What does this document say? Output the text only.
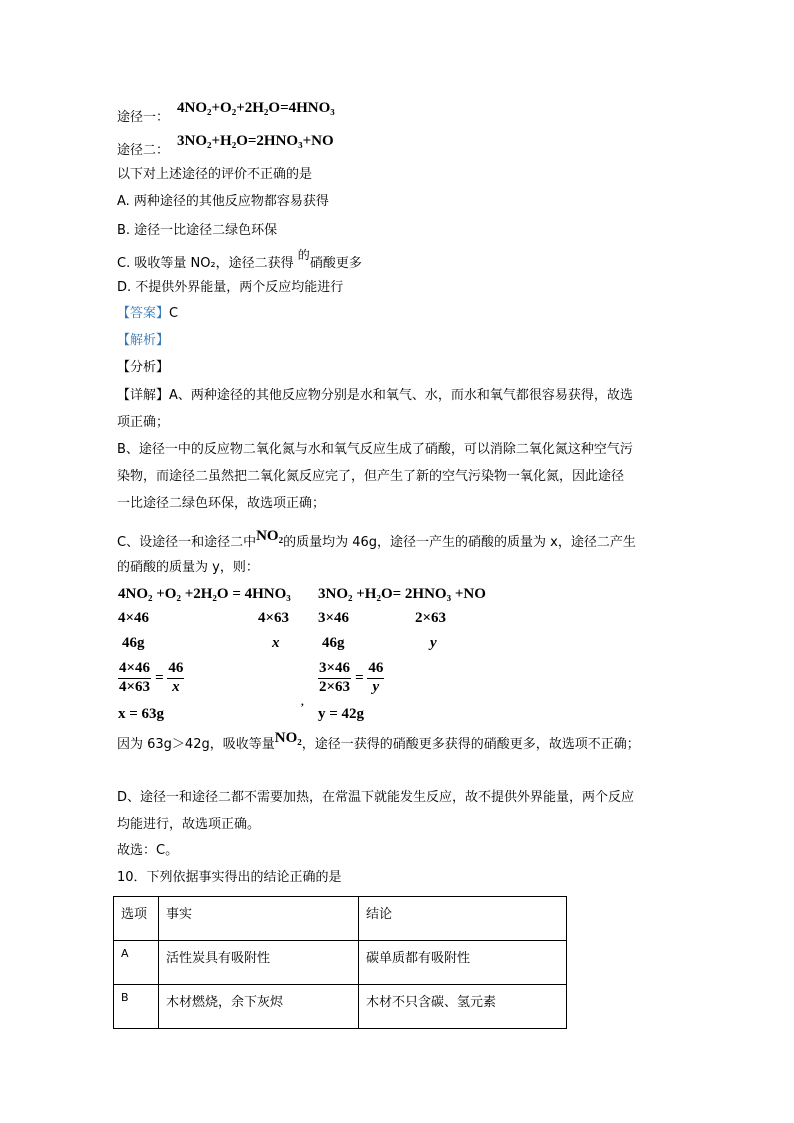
途径一：
4NO₂+O₂+2H₂O=4HNO₃
途径二：
3NO₂+H₂O=2HNO₃+NO
以下对上述途径的评价不正确的是
A. 两种途径的其他反应物都容易获得
B. 途径一比途径二绿色环保
C. 吸收等量 NO₂，途径二获得 的硝酸更多
D. 不提供外界能量，两个反应均能进行
【答案】C
【解析】
【分析】
【详解】A、两种途径的其他反应物分别是水和氧气、水，而水和氧气都很容易获得，故选
项正确；
B、途径一中的反应物二氧化氮与水和氧气反应生成了硝酸，可以消除二氧化氮这种空气污
染物，而途径二虽然把二氧化氮反应完了，但产生了新的空气污染物一氧化氮，因此途径
一比途径二绿色环保，故选项正确；
C、设途径一和途径二中NO₂的质量均为 46g，途径一产生的硝酸的质量为 x，途径二产生
的硝酸的质量为 y，则：
4NO₂ +O₂ +2H₂O = 4HNO₃
4×46	4×63
46g	x
$\frac{4\times 46}{4\times 63} = \frac{46}{x}$
x = 63g
3NO₂ +H₂O= 2HNO₃ +NO
3×46	2×63
46g	y
$\frac{3\times 46}{2\times 63} = \frac{46}{y}$
,
y = 42g
因为 63g＞42g，吸收等量NO₂，途径一获得的硝酸更多获得的硝酸更多，故选项不正确；
D、途径一和途径二都不需要加热，在常温下就能发生反应，故不提供外界能量，两个反应
均能进行，故选项正确。
故选：C。
10．下列依据事实得出的结论正确的是
选项	事实	结论
A	活性炭具有吸附性	碳单质都有吸附性
B	木材燃烧，余下灰烬	木材不只含碳、氢元素
